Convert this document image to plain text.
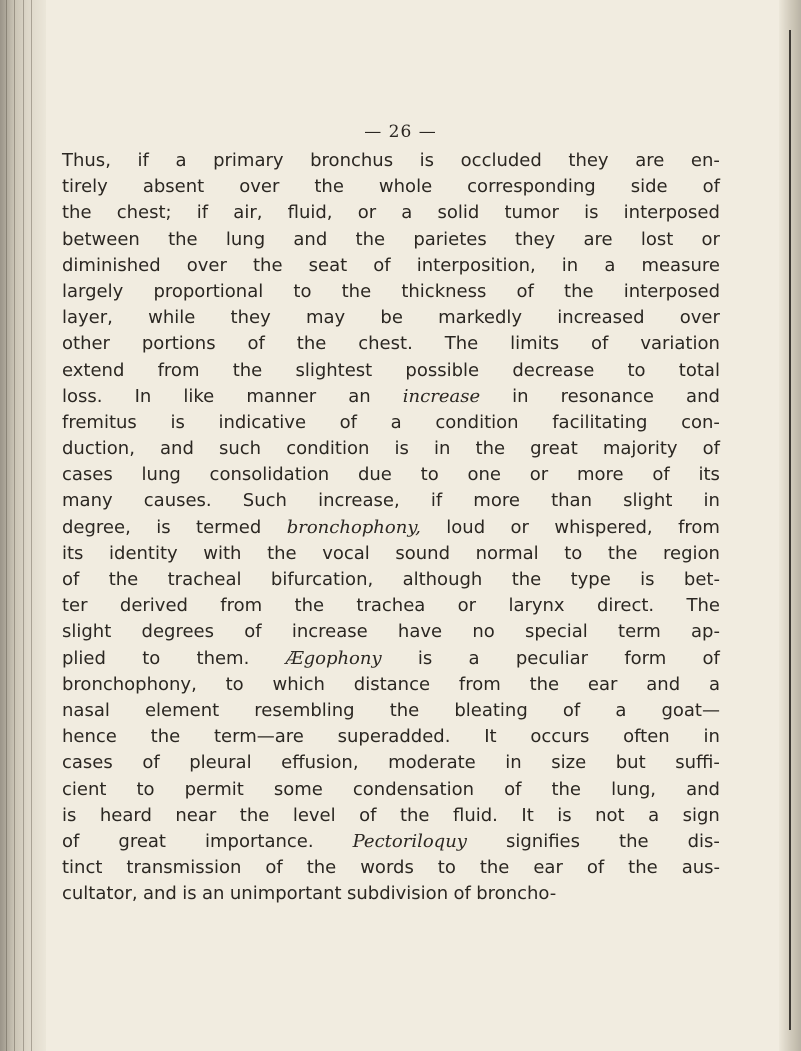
— 26 —
Thus, if a primary bronchus is occluded they are en-
tirely absent over the whole corresponding side of
the chest; if air, fluid, or a solid tumor is interposed
between the lung and the parietes they are lost or
diminished over the seat of interposition, in a measure
largely proportional to the thickness of the interposed
layer, while they may be markedly increased over
other portions of the chest. The limits of variation
extend from the slightest possible decrease to total
loss. In like manner an increase in resonance and
fremitus is indicative of a condition facilitating con-
duction, and such condition is in the great majority of
cases lung consolidation due to one or more of its
many causes. Such increase, if more than slight in
degree, is termed bronchophony, loud or whispered, from
its identity with the vocal sound normal to the region
of the tracheal bifurcation, although the type is bet-
ter derived from the trachea or larynx direct. The
slight degrees of increase have no special term ap-
plied to them. Ægophony is a peculiar form of
bronchophony, to which distance from the ear and a
nasal element resembling the bleating of a goat—
hence the term—are superadded. It occurs often in
cases of pleural effusion, moderate in size but suffi-
cient to permit some condensation of the lung, and
is heard near the level of the fluid. It is not a sign
of great importance. Pectoriloquy signifies the dis-
tinct transmission of the words to the ear of the aus-
cultator, and is an unimportant subdivision of broncho-
